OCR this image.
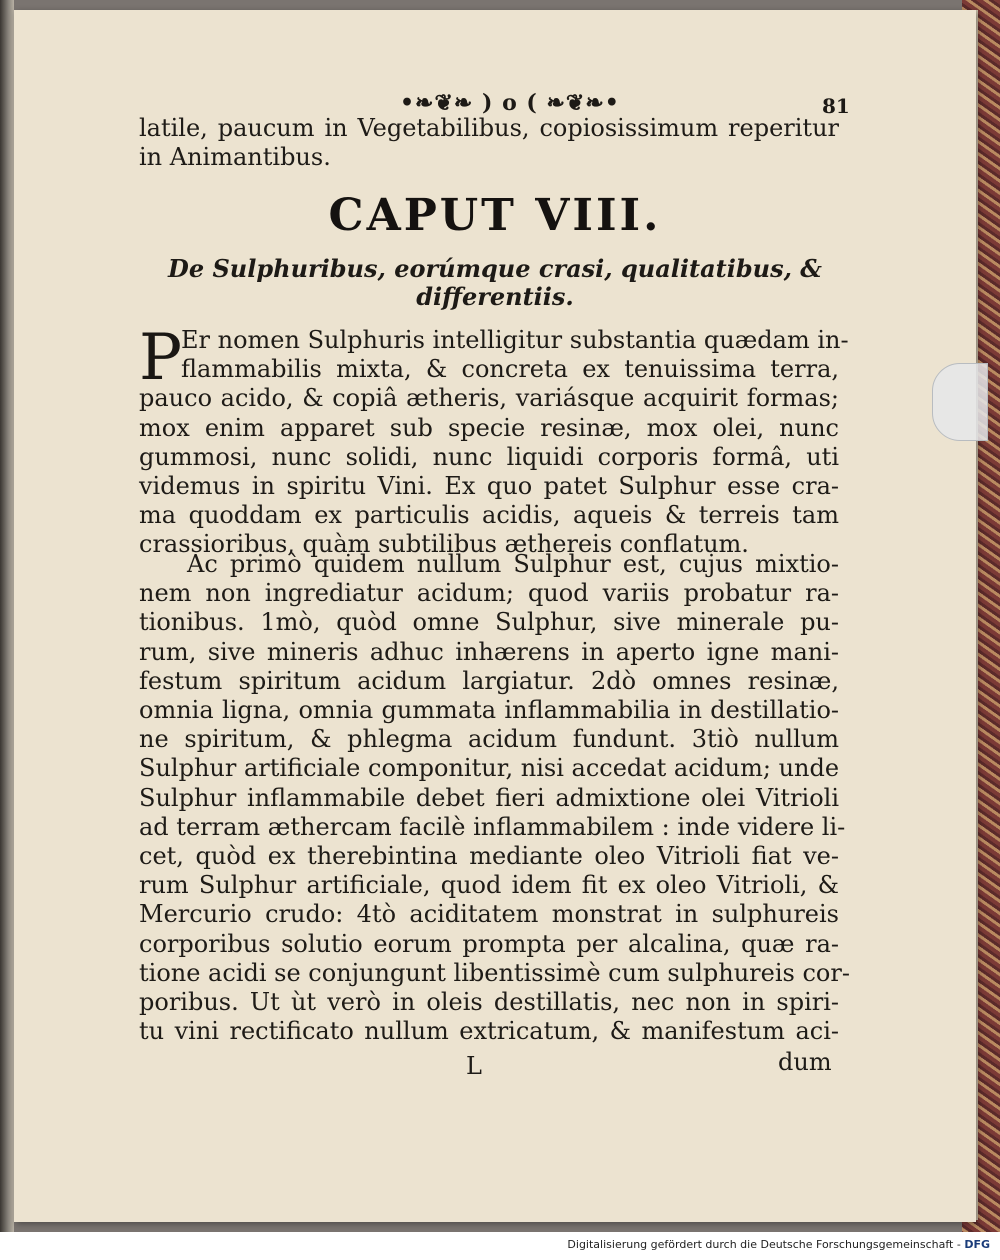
•❧❦❧ ) o ( ❧❦❧•	81
latile, paucum in Vegetabilibus, copiosissimum reperitur
in Animantibus.
CAPUT VIII.
De Sulphuribus, eorúmque crasi, qualitatibus, &
differentiis.
P
Er nomen Sulphuris intelligitur substantia quædam in-
flammabilis mixta, & concreta ex tenuissima terra,
pauco acido, & copiâ ætheris, variásque acquirit formas;
mox enim apparet sub specie resinæ, mox olei, nunc
gummosi, nunc solidi, nunc liquidi corporis formâ, uti
videmus in spiritu Vini. Ex quo patet Sulphur esse cra-
ma quoddam ex particulis acidis, aqueis & terreis tam
crassioribus, quàm subtilibus æthereis conflatum.
Ac primò quidem nullum Sulphur est, cujus mixtio-
nem non ingrediatur acidum; quod variis probatur ra-
tionibus. 1mò, quòd omne Sulphur, sive minerale pu-
rum, sive mineris adhuc inhærens in aperto igne mani-
festum spiritum acidum largiatur. 2dò omnes resinæ,
omnia ligna, omnia gummata inflammabilia in destillatio-
ne spiritum, & phlegma acidum fundunt. 3tiò nullum
Sulphur artificiale componitur, nisi accedat acidum; unde
Sulphur inflammabile debet fieri admixtione olei Vitrioli
ad terram æthercam facilè inflammabilem : inde videre li-
cet, quòd ex therebintina mediante oleo Vitrioli fiat ve-
rum Sulphur artificiale, quod idem fit ex oleo Vitrioli, &
Mercurio crudo: 4tò aciditatem monstrat in sulphureis
corporibus solutio eorum prompta per alcalina, quæ ra-
tione acidi se conjungunt libentissimè cum sulphureis cor-
poribus. Ut ùt verò in oleis destillatis, nec non in spiri-
tu vini rectificato nullum extricatum, & manifestum aci-
L	dum
Digitalisierung gefördert durch die Deutsche Forschungsgemeinschaft - DFG
